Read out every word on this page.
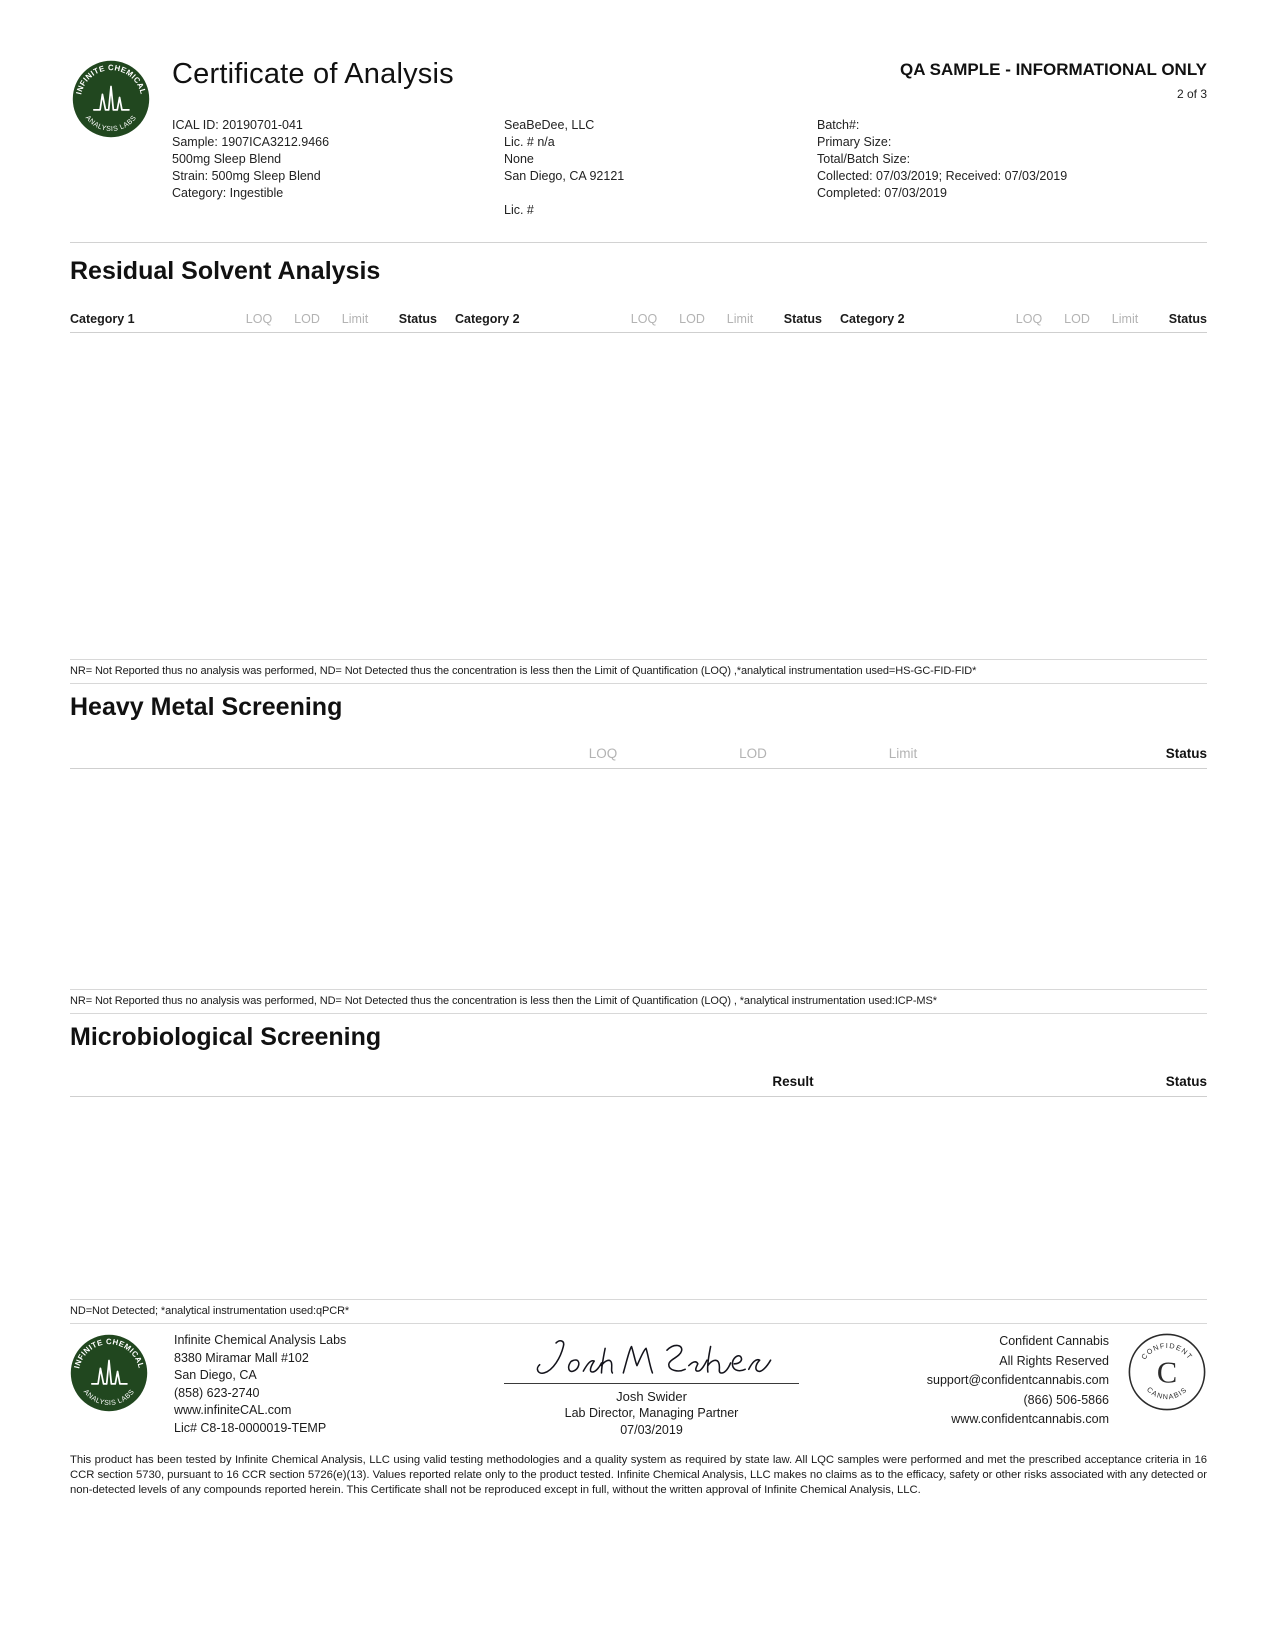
INFINITE CHEMICAL
ANALYSIS LABS
Certificate of Analysis	QA SAMPLE - INFORMATIONAL ONLY
2 of 3
ICAL ID: 20190701-041
Sample: 1907ICA3212.9466
500mg Sleep Blend
Strain: 500mg Sleep Blend
Category: Ingestible
SeaBeDee, LLC
Lic. # n/a
None
San Diego, CA 92121
Lic. #
Batch#:
Primary Size:
Total/Batch Size:
Collected: 07/03/2019; Received: 07/03/2019
Completed: 07/03/2019
Residual Solvent Analysis
Category 1	LOQ	LOD	Limit	Status Category 2	LOQ	LOD	Limit	Status Category 2	LOQ	LOD	Limit	Status
NR= Not Reported thus no analysis was performed, ND= Not Detected thus the concentration is less then the Limit of Quantification (LOQ) ,*analytical instrumentation used=HS-GC-FID-FID*
Heavy Metal Screening
LOQ	LOD	Limit	Status
NR= Not Reported thus no analysis was performed, ND= Not Detected thus the concentration is less then the Limit of Quantification (LOQ) , *analytical instrumentation used:ICP-MS*
Microbiological Screening
Result	Status
ND=Not Detected; *analytical instrumentation used:qPCR*
INFINITE CHEMICAL
ANALYSIS LABS
Infinite Chemical Analysis Labs
8380 Miramar Mall #102
San Diego, CA
(858) 623-2740
www.infiniteCAL.com
Lic# C8-18-0000019-TEMP
Josh Swider
Lab Director, Managing Partner
07/03/2019
Confident Cannabis
All Rights Reserved
support@confidentcannabis.com
(866) 506-5866
www.confidentcannabis.com
CONFIDENT
CANNABIS
C
This product has been tested by Infinite Chemical Analysis, LLC using valid testing methodologies and a quality system as required by state law. All LQC samples were performed and met the prescribed acceptance criteria in 16 CCR section 5730, pursuant to 16 CCR section 5726(e)(13). Values reported relate only to the product tested. Infinite Chemical Analysis, LLC makes no claims as to the efficacy, safety or other risks associated with any detected or non-detected levels of any compounds reported herein. This Certificate shall not be reproduced except in full, without the written approval of Infinite Chemical Analysis, LLC.
